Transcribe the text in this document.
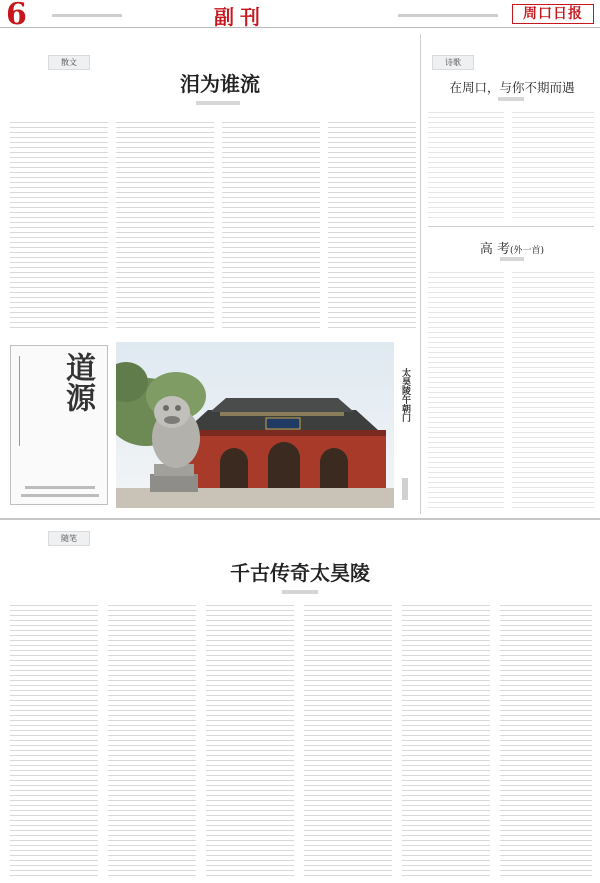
6	副刊	周口日报
散文
泪为谁流
道源	太昊陵午朝门
诗歌
在周口，与你不期而遇
高 考(外一首)
随笔
千古传奇太昊陵
